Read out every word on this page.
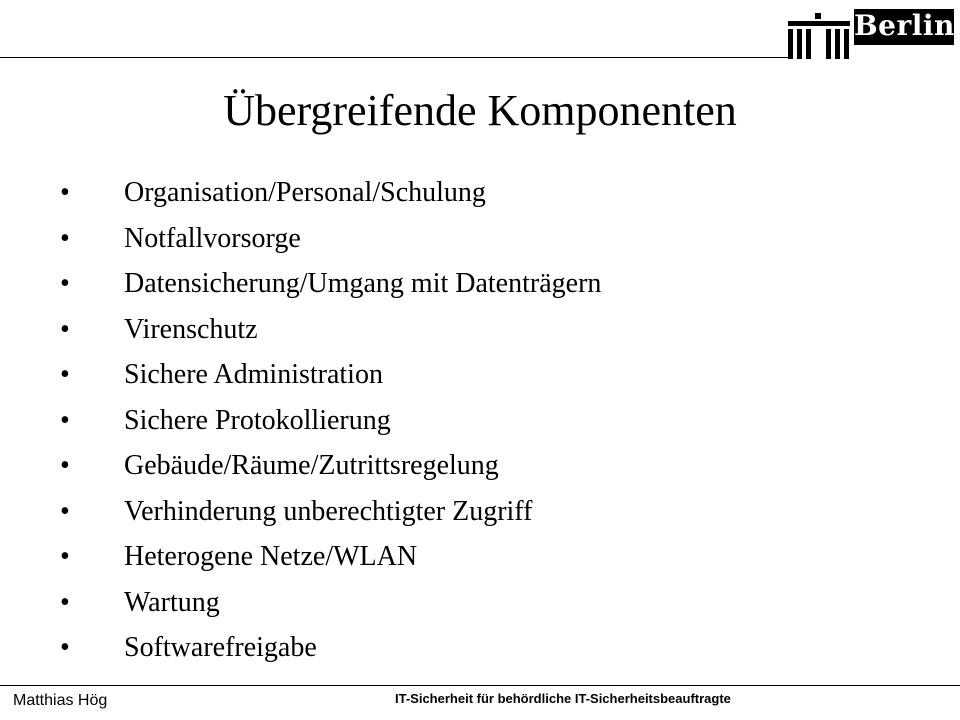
Berlin
Übergreifende Komponenten
• Organisation/Personal/Schulung
• Notfallvorsorge
• Datensicherung/Umgang mit Datenträgern
• Virenschutz
• Sichere Administration
• Sichere Protokollierung
• Gebäude/Räume/Zutrittsregelung
• Verhinderung unberechtigter Zugriff
• Heterogene Netze/WLAN
• Wartung
• Softwarefreigabe
Matthias Hög	IT-Sicherheit für behördliche IT-Sicherheitsbeauftragte
